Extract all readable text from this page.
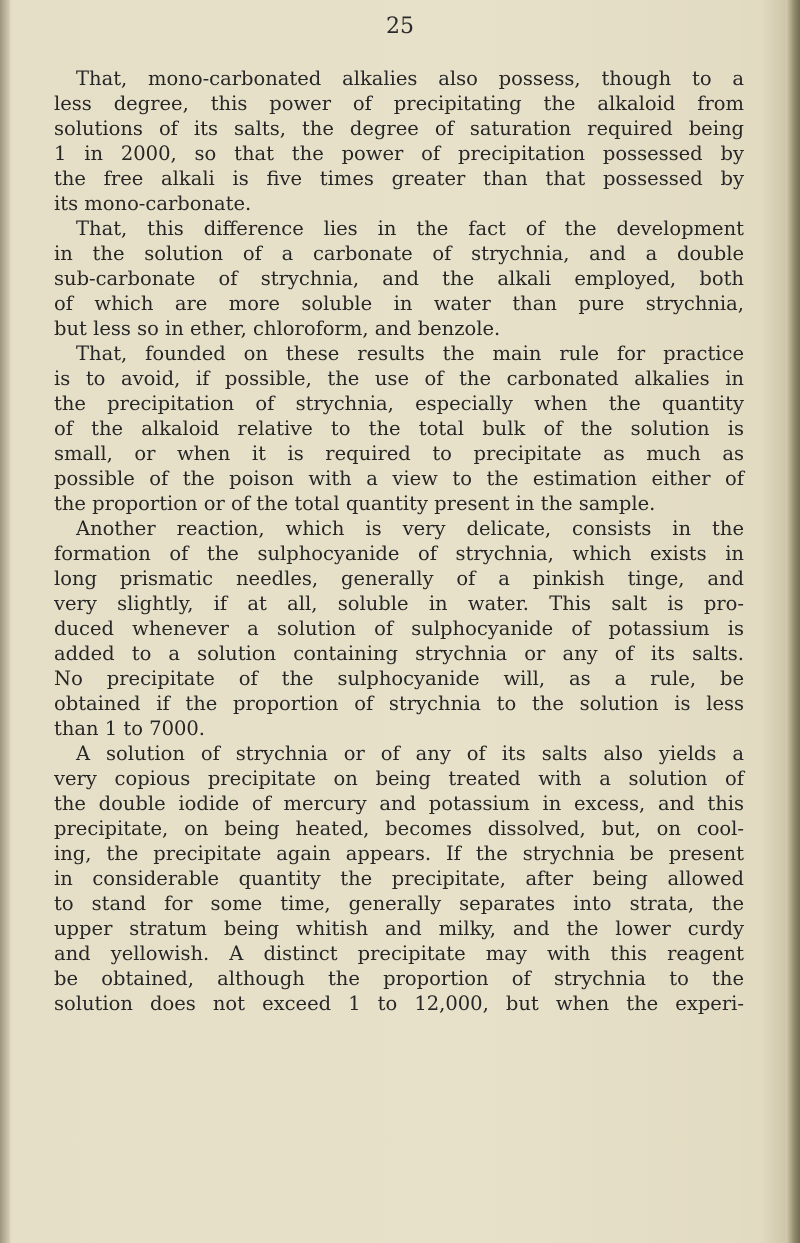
25
That, mono-carbonated alkalies also possess, though to a
less degree, this power of precipitating the alkaloid from
solutions of its salts, the degree of saturation required being
1 in 2000, so that the power of precipitation possessed by
the free alkali is five times greater than that possessed by
its mono-carbonate.
That, this difference lies in the fact of the development
in the solution of a carbonate of strychnia, and a double
sub-carbonate of strychnia, and the alkali employed, both
of which are more soluble in water than pure strychnia,
but less so in ether, chloroform, and benzole.
That, founded on these results the main rule for practice
is to avoid, if possible, the use of the carbonated alkalies in
the precipitation of strychnia, especially when the quantity
of the alkaloid relative to the total bulk of the solution is
small, or when it is required to precipitate as much as
possible of the poison with a view to the estimation either of
the proportion or of the total quantity present in the sample.
Another reaction, which is very delicate, consists in the
formation of the sulphocyanide of strychnia, which exists in
long prismatic needles, generally of a pinkish tinge, and
very slightly, if at all, soluble in water. This salt is pro-
duced whenever a solution of sulphocyanide of potassium is
added to a solution containing strychnia or any of its salts.
No precipitate of the sulphocyanide will, as a rule, be
obtained if the proportion of strychnia to the solution is less
than 1 to 7000.
A solution of strychnia or of any of its salts also yields a
very copious precipitate on being treated with a solution of
the double iodide of mercury and potassium in excess, and this
precipitate, on being heated, becomes dissolved, but, on cool-
ing, the precipitate again appears. If the strychnia be present
in considerable quantity the precipitate, after being allowed
to stand for some time, generally separates into strata, the
upper stratum being whitish and milky, and the lower curdy
and yellowish. A distinct precipitate may with this reagent
be obtained, although the proportion of strychnia to the
solution does not exceed 1 to 12,000, but when the experi-
